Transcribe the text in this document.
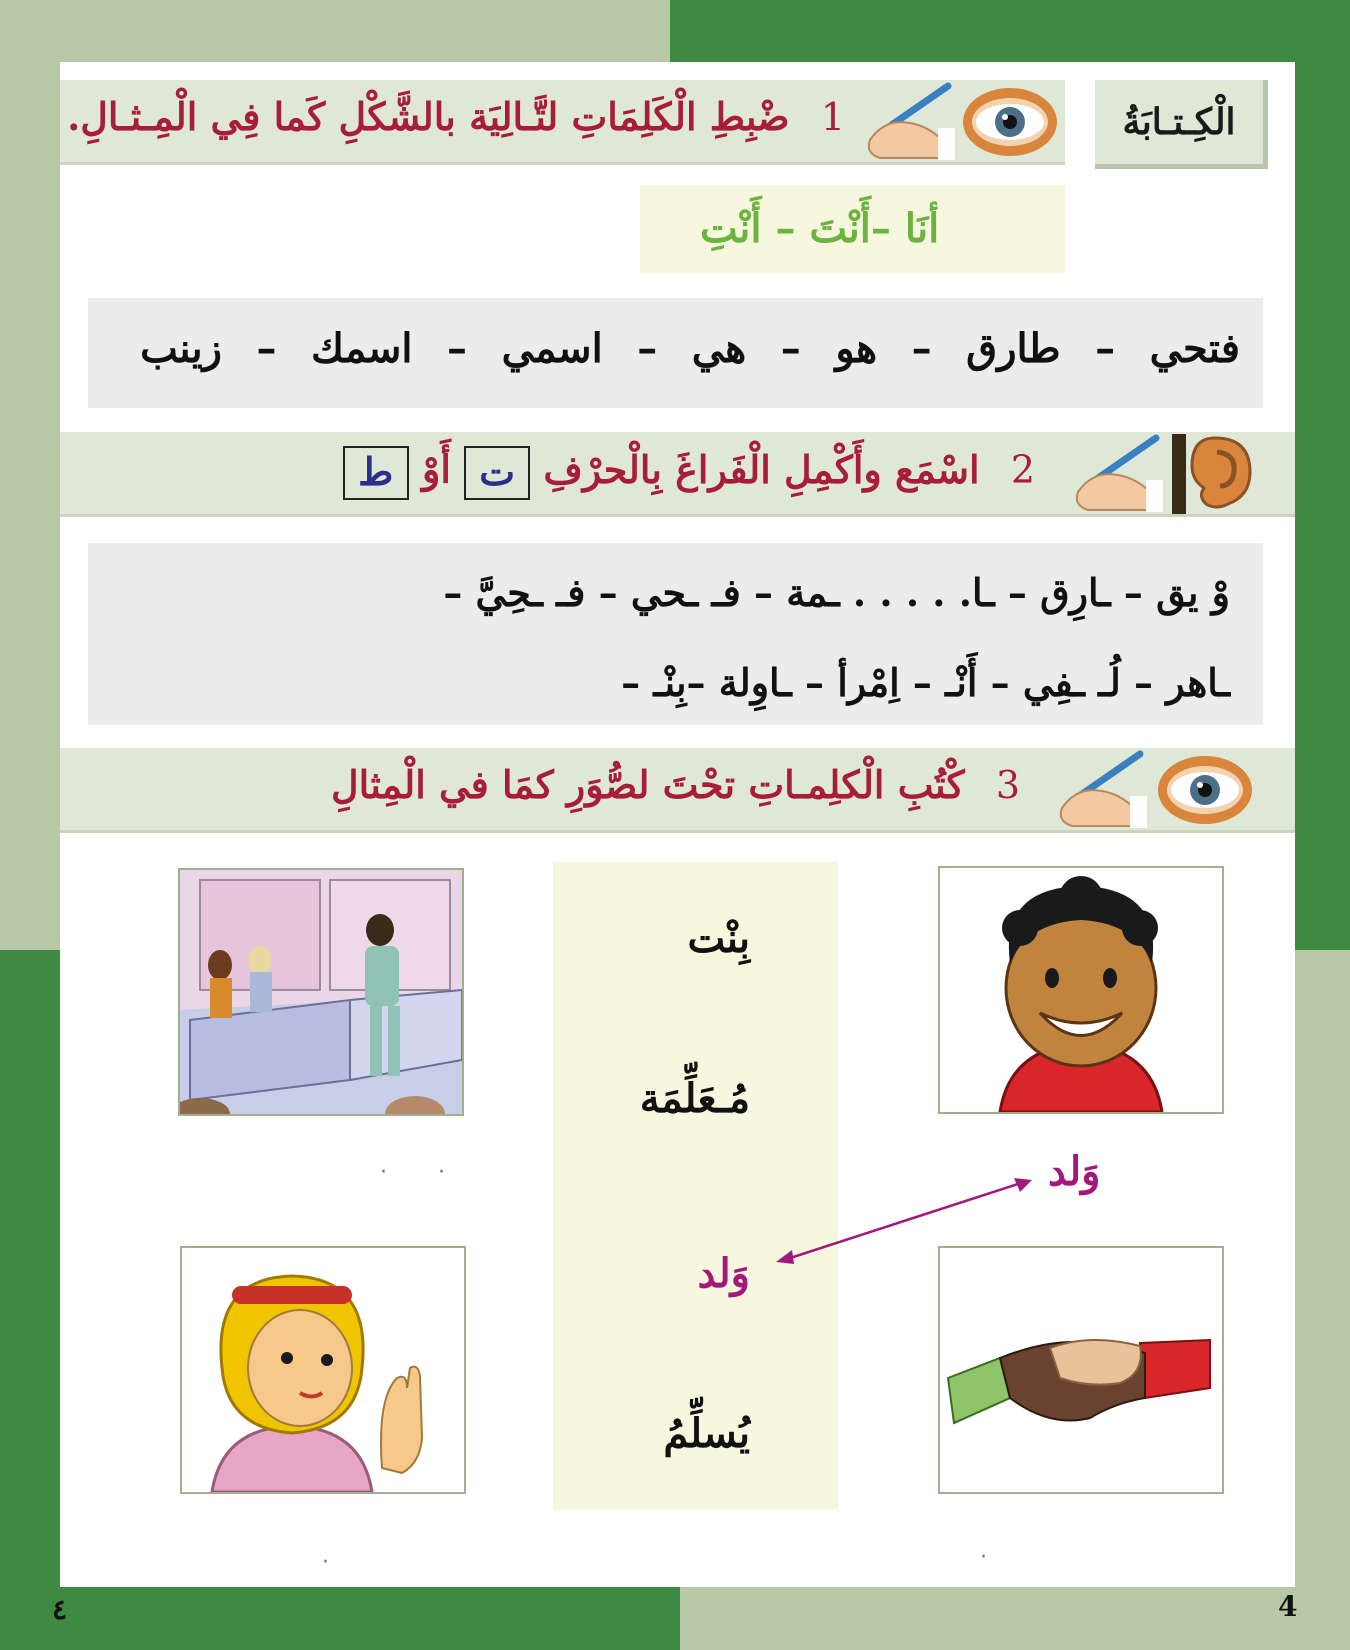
الْكِـتـابَةُ
1 ضْبِطِ الْكَلِمَاتِ لتَّـالِيَة بالشَّكْلِ كَما فِي الْمِـثـالِ.
أنَا –أَنْتَ – أَنْتِ
فتحي
–
طارق
–
هو
–
هي
–
اسمي
–
اسمك
–
زينب
2 اسْمَع وأَكْمِلِ الْفَراغَ بِالْحرْفِ ت أَوْ ط
وْ يق – ـارِق – ـا. . . . . ـمة – فـ ـحي – فـ ـحِيَّ –
ـاهر – لُـ ـفِي – أَنْـ – اِمْرأ – ـاوِلة –بِنْـ –
3 كْتُبِ الْكلِمـاتِ تحْتَ لصُّوَرِ كمَا في الْمِثالِ
بِنْت
مُـعَلِّمَة
وَلد
يُسلِّمُ
وَلد
· ·
·	·
٤	4
